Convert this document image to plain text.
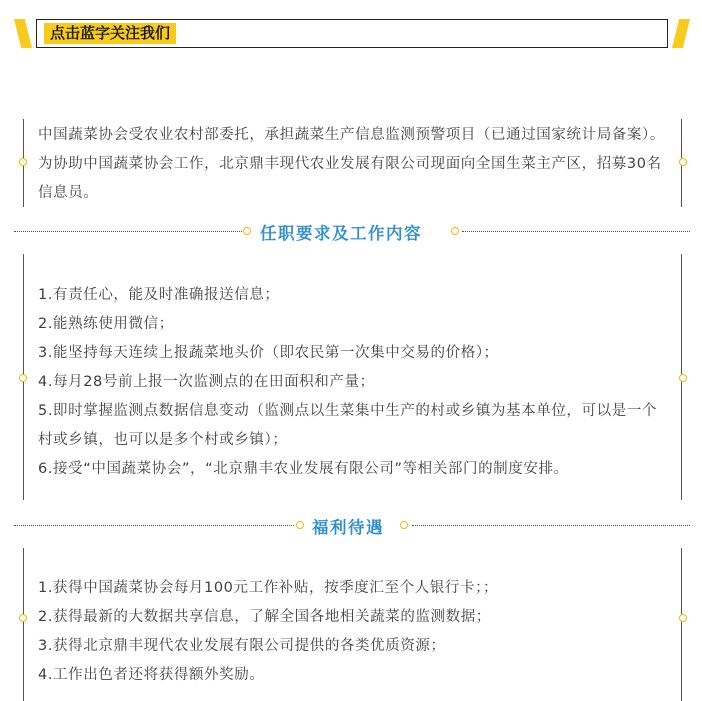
点击蓝字关注我们

中国蔬菜协会受农业农村部委托，承担蔬菜生产信息监测预警项目（已通过国家统计局备案）。为协助中国蔬菜协会工作，北京鼎丰现代农业发展有限公司现面向全国生菜主产区，招募30名信息员。

任职要求及工作内容

1.有责任心，能及时准确报送信息；

2.能熟练使用微信；

3.能坚持每天连续上报蔬菜地头价（即农民第一次集中交易的价格）；

4.每月28号前上报一次监测点的在田面积和产量；

5.即时掌握监测点数据信息变动（监测点以生菜集中生产的村或乡镇为基本单位，可以是一个村或乡镇，也可以是多个村或乡镇）；

6.接受“中国蔬菜协会”，“北京鼎丰农业发展有限公司”等相关部门的制度安排。

福利待遇

1.获得中国蔬菜协会每月100元工作补贴，按季度汇至个人银行卡；；

2.获得最新的大数据共享信息，了解全国各地相关蔬菜的监测数据；

3.获得北京鼎丰现代农业发展有限公司提供的各类优质资源；

4.工作出色者还将获得额外奖励。
